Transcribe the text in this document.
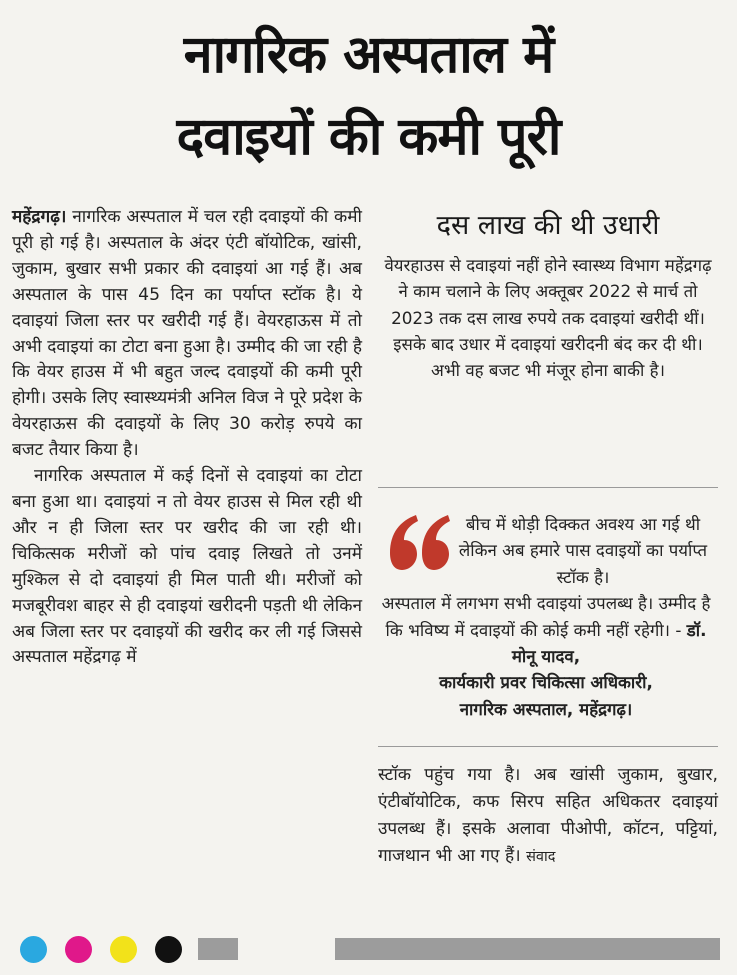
नागरिक अस्पताल में
दवाइयों की कमी पूरी

महेंद्रगढ़। नागरिक अस्पताल में चल रही दवाइयों की कमी पूरी हो गई है। अस्पताल के अंदर एंटी बॉयोटिक, खांसी, जुकाम, बुखार सभी प्रकार की दवाइयां आ गई हैं। अब अस्पताल के पास 45 दिन का पर्याप्त स्टॉक है। ये दवाइयां जिला स्तर पर खरीदी गई हैं। वेयरहाऊस में तो अभी दवाइयां का टोटा बना हुआ है। उम्मीद की जा रही है कि वेयर हाउस में भी बहुत जल्द दवाइयों की कमी पूरी होगी। उसके लिए स्वास्थ्यमंत्री अनिल विज ने पूरे प्रदेश के वेयरहाऊस की दवाइयों के लिए 30 करोड़ रुपये का बजट तैयार किया है।

नागरिक अस्पताल में कई दिनों से दवाइयां का टोटा बना हुआ था। दवाइयां न तो वेयर हाउस से मिल रही थी और न ही जिला स्तर पर खरीद की जा रही थी। चिकित्सक मरीजों को पांच दवाइ लिखते तो उनमें मुश्किल से दो दवाइयां ही मिल पाती थी। मरीजों को मजबूरीवश बाहर से ही दवाइयां खरीदनी पड़ती थी लेकिन अब जिला स्तर पर दवाइयों की खरीद कर ली गई जिससे अस्पताल महेंद्रगढ़ में

दस लाख की थी उधारी
वेयरहाउस से दवाइयां नहीं होने स्वास्थ्य विभाग महेंद्रगढ़ ने काम चलाने के लिए अक्तूबर 2022 से मार्च तो 2023 तक दस लाख रुपये तक दवाइयां खरीदी थीं। इसके बाद उधार में दवाइयां खरीदनी बंद कर दी थी। अभी वह बजट भी मंजूर होना बाकी है।
बीच में थोड़ी दिक्कत अवश्य आ गई थी लेकिन अब हमारे पास दवाइयों का पर्याप्त स्टॉक है।
अस्पताल में लगभग सभी दवाइयां उपलब्ध है। उम्मीद है कि भविष्य में दवाइयों की कोई कमी नहीं रहेगी। - डॉ. मोनू यादव,
कार्यकारी प्रवर चिकित्सा अधिकारी,
नागरिक अस्पताल, महेंद्रगढ़।
स्टॉक पहुंच गया है। अब खांसी जुकाम, बुखार, एंटीबॉयोटिक, कफ सिरप सहित अधिकतर दवाइयां उपलब्ध हैं। इसके अलावा पीओपी, कॉटन, पट्टियां, गाजथान भी आ गए हैं। संवाद
